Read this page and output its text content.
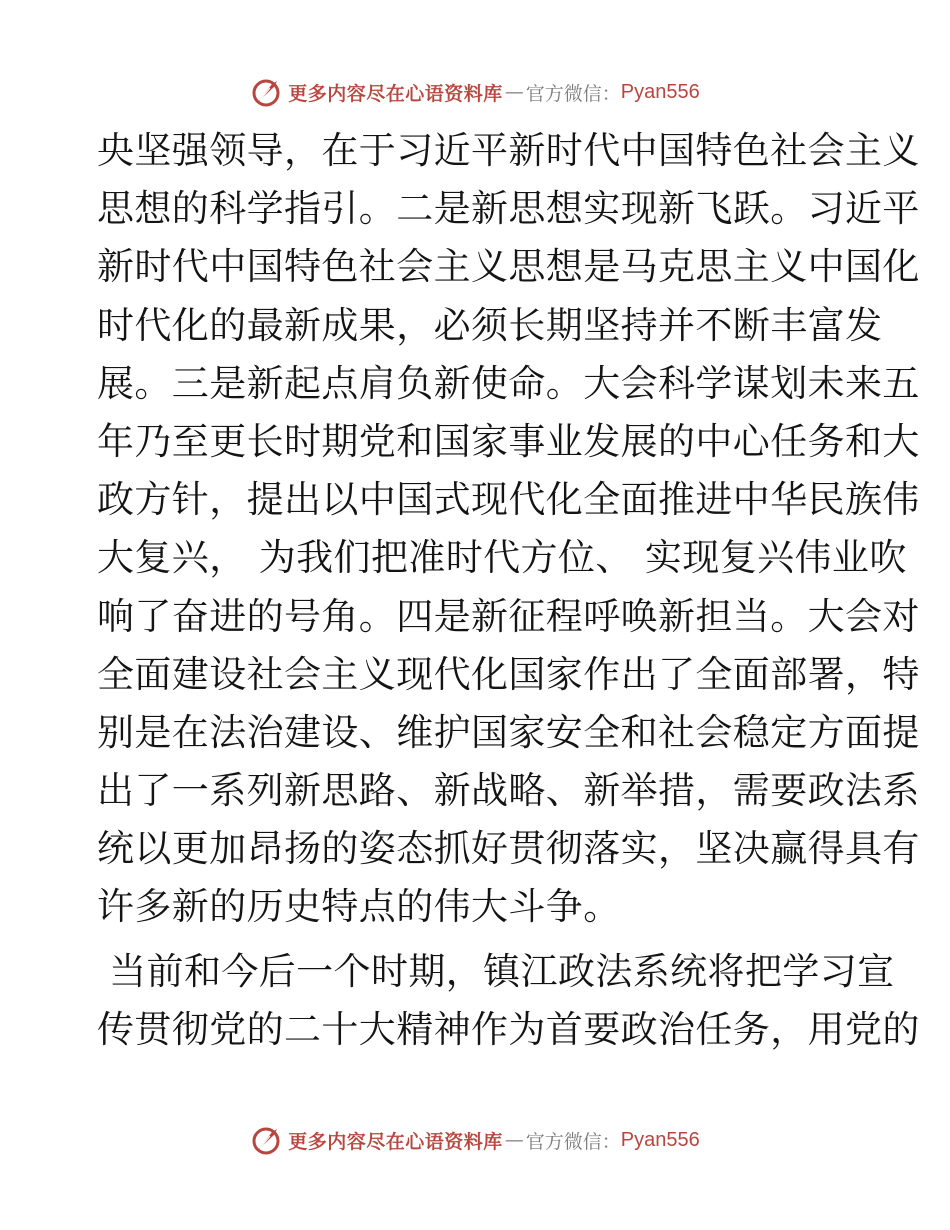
更多内容尽在心语资料库 — 官方微信： Pyan556
央坚强领导，在于习近平新时代中国特色社会主义
思想的科学指引。二是新思想实现新飞跃。习近平
新时代中国特色社会主义思想是马克思主义中国化
时代化的最新成果，必须长期坚持并不断丰富发
展。三是新起点肩负新使命。大会科学谋划未来五
年乃至更长时期党和国家事业发展的中心任务和大
政方针，提出以中国式现代化全面推进中华民族伟
大复兴， 为我们把准时代方位、 实现复兴伟业吹
响了奋进的号角。四是新征程呼唤新担当。大会对
全面建设社会主义现代化国家作出了全面部署，特
别是在法治建设、维护国家安全和社会稳定方面提
出了一系列新思路、新战略、新举措，需要政法系
统以更加昂扬的姿态抓好贯彻落实，坚决赢得具有
许多新的历史特点的伟大斗争。
当前和今后一个时期，镇江政法系统将把学习宣
传贯彻党的二十大精神作为首要政治任务，用党的
更多内容尽在心语资料库 — 官方微信： Pyan556
